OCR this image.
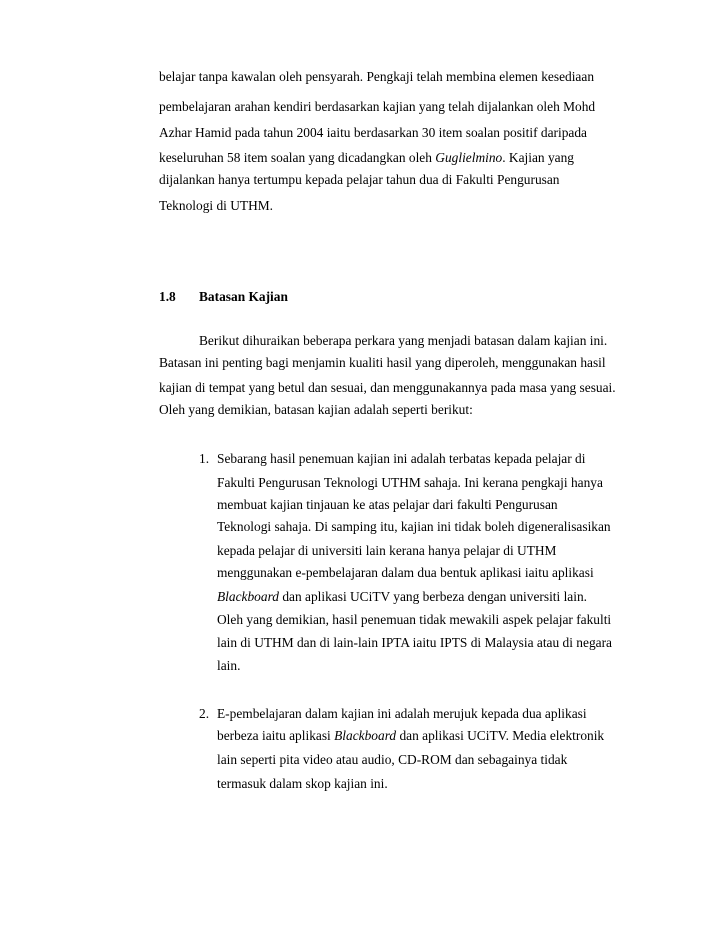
belajar tanpa kawalan oleh pensyarah. Pengkaji telah membina elemen kesediaan
pembelajaran arahan kendiri berdasarkan kajian yang telah dijalankan oleh Mohd
Azhar Hamid pada tahun 2004 iaitu berdasarkan 30 item soalan positif daripada
keseluruhan 58 item soalan yang dicadangkan oleh Guglielmino. Kajian yang
dijalankan hanya tertumpu kepada pelajar tahun dua di Fakulti Pengurusan
Teknologi di UTHM.
1.8 Batasan Kajian
Berikut dihuraikan beberapa perkara yang menjadi batasan dalam kajian ini.
Batasan ini penting bagi menjamin kualiti hasil yang diperoleh, menggunakan hasil
kajian di tempat yang betul dan sesuai, dan menggunakannya pada masa yang sesuai.
Oleh yang demikian, batasan kajian adalah seperti berikut:
1. Sebarang hasil penemuan kajian ini adalah terbatas kepada pelajar di
Fakulti Pengurusan Teknologi UTHM sahaja. Ini kerana pengkaji hanya
membuat kajian tinjauan ke atas pelajar dari fakulti Pengurusan
Teknologi sahaja. Di samping itu, kajian ini tidak boleh digeneralisasikan
kepada pelajar di universiti lain kerana hanya pelajar di UTHM
menggunakan e-pembelajaran dalam dua bentuk aplikasi iaitu aplikasi
Blackboard dan aplikasi UCiTV yang berbeza dengan universiti lain.
Oleh yang demikian, hasil penemuan tidak mewakili aspek pelajar fakulti
lain di UTHM dan di lain-lain IPTA iaitu IPTS di Malaysia atau di negara
lain.
2. E-pembelajaran dalam kajian ini adalah merujuk kepada dua aplikasi
berbeza iaitu aplikasi Blackboard dan aplikasi UCiTV. Media elektronik
lain seperti pita video atau audio, CD-ROM dan sebagainya tidak
termasuk dalam skop kajian ini.
